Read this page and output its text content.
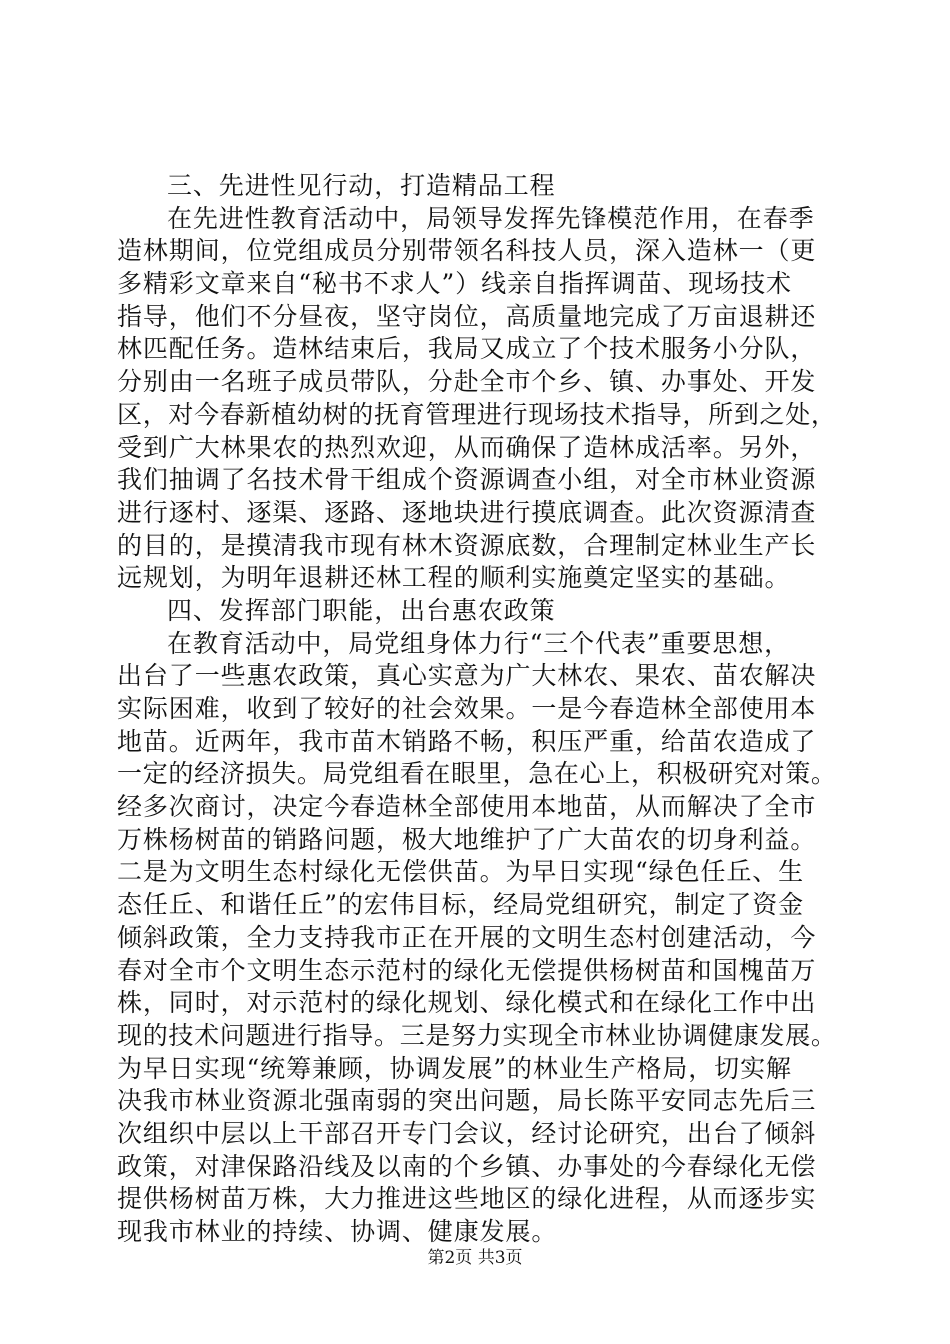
三、先进性见行动，打造精品工程
在先进性教育活动中，局领导发挥先锋模范作用，在春季
造林期间，位党组成员分别带领名科技人员，深入造林一（更
多精彩文章来自“秘书不求人”）线亲自指挥调苗、现场技术
指导，他们不分昼夜，坚守岗位，高质量地完成了万亩退耕还
林匹配任务。造林结束后，我局又成立了个技术服务小分队，
分别由一名班子成员带队，分赴全市个乡、镇、办事处、开发
区，对今春新植幼树的抚育管理进行现场技术指导，所到之处，
受到广大林果农的热烈欢迎，从而确保了造林成活率。另外，
我们抽调了名技术骨干组成个资源调查小组，对全市林业资源
进行逐村、逐渠、逐路、逐地块进行摸底调查。此次资源清查
的目的，是摸清我市现有林木资源底数，合理制定林业生产长
远规划，为明年退耕还林工程的顺利实施奠定坚实的基础。
四、发挥部门职能，出台惠农政策
在教育活动中，局党组身体力行“三个代表”重要思想，
出台了一些惠农政策，真心实意为广大林农、果农、苗农解决
实际困难，收到了较好的社会效果。一是今春造林全部使用本
地苗。近两年，我市苗木销路不畅，积压严重，给苗农造成了
一定的经济损失。局党组看在眼里，急在心上，积极研究对策。
经多次商讨，决定今春造林全部使用本地苗，从而解决了全市
万株杨树苗的销路问题，极大地维护了广大苗农的切身利益。
二是为文明生态村绿化无偿供苗。为早日实现“绿色任丘、生
态任丘、和谐任丘”的宏伟目标，经局党组研究，制定了资金
倾斜政策，全力支持我市正在开展的文明生态村创建活动，今
春对全市个文明生态示范村的绿化无偿提供杨树苗和国槐苗万
株，同时，对示范村的绿化规划、绿化模式和在绿化工作中出
现的技术问题进行指导。三是努力实现全市林业协调健康发展。
为早日实现“统筹兼顾，协调发展”的林业生产格局，切实解
决我市林业资源北强南弱的突出问题，局长陈平安同志先后三
次组织中层以上干部召开专门会议，经讨论研究，出台了倾斜
政策，对津保路沿线及以南的个乡镇、办事处的今春绿化无偿
提供杨树苗万株，大力推进这些地区的绿化进程，从而逐步实
现我市林业的持续、协调、健康发展。
第2页 共3页
